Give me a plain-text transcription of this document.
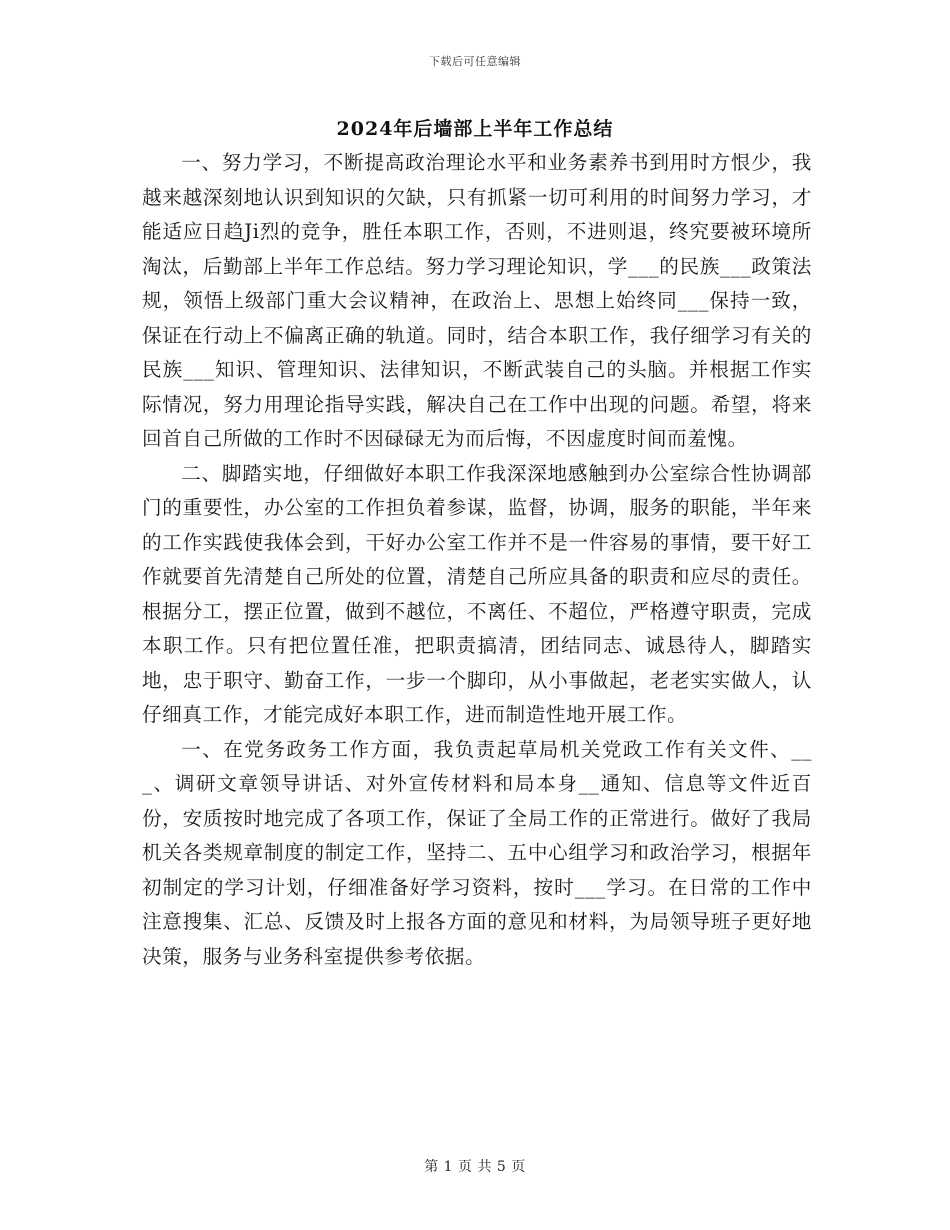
下载后可任意编辑
2024年后墙部上半年工作总结

一、努力学习，不断提高政治理论水平和业务素养书到用时方恨少，我越来越深刻地认识到知识的欠缺，只有抓紧一切可利用的时间努力学习，才能适应日趋Ji烈的竞争，胜任本职工作，否则，不进则退，终究要被环境所淘汰，后勤部上半年工作总结。努力学习理论知识，学___的民族___政策法规，领悟上级部门重大会议精神，在政治上、思想上始终同___保持一致，保证在行动上不偏离正确的轨道。同时，结合本职工作，我仔细学习有关的民族___知识、管理知识、法律知识，不断武装自己的头脑。并根据工作实际情况，努力用理论指导实践，解决自己在工作中出现的问题。希望，将来回首自己所做的工作时不因碌碌无为而后悔，不因虚度时间而羞愧。

二、脚踏实地，仔细做好本职工作我深深地感触到办公室综合性协调部门的重要性，办公室的工作担负着参谋，监督，协调，服务的职能，半年来的工作实践使我体会到，干好办公室工作并不是一件容易的事情，要干好工作就要首先清楚自己所处的位置，清楚自己所应具备的职责和应尽的责任。根据分工，摆正位置，做到不越位，不离任、不超位，严格遵守职责，完成本职工作。只有把位置任准，把职责搞清，团结同志、诚恳待人，脚踏实地，忠于职守、勤奋工作，一步一个脚印，从小事做起，老老实实做人，认仔细真工作，才能完成好本职工作，进而制造性地开展工作。

一、在党务政务工作方面，我负责起草局机关党政工作有关文件、___、调研文章领导讲话、对外宣传材料和局本身__通知、信息等文件近百份，安质按时地完成了各项工作，保证了全局工作的正常进行。做好了我局机关各类规章制度的制定工作，坚持二、五中心组学习和政治学习，根据年初制定的学习计划，仔细准备好学习资料，按时___学习。在日常的工作中注意搜集、汇总、反馈及时上报各方面的意见和材料，为局领导班子更好地决策，服务与业务科室提供参考依据。

第 1 页 共 5 页
